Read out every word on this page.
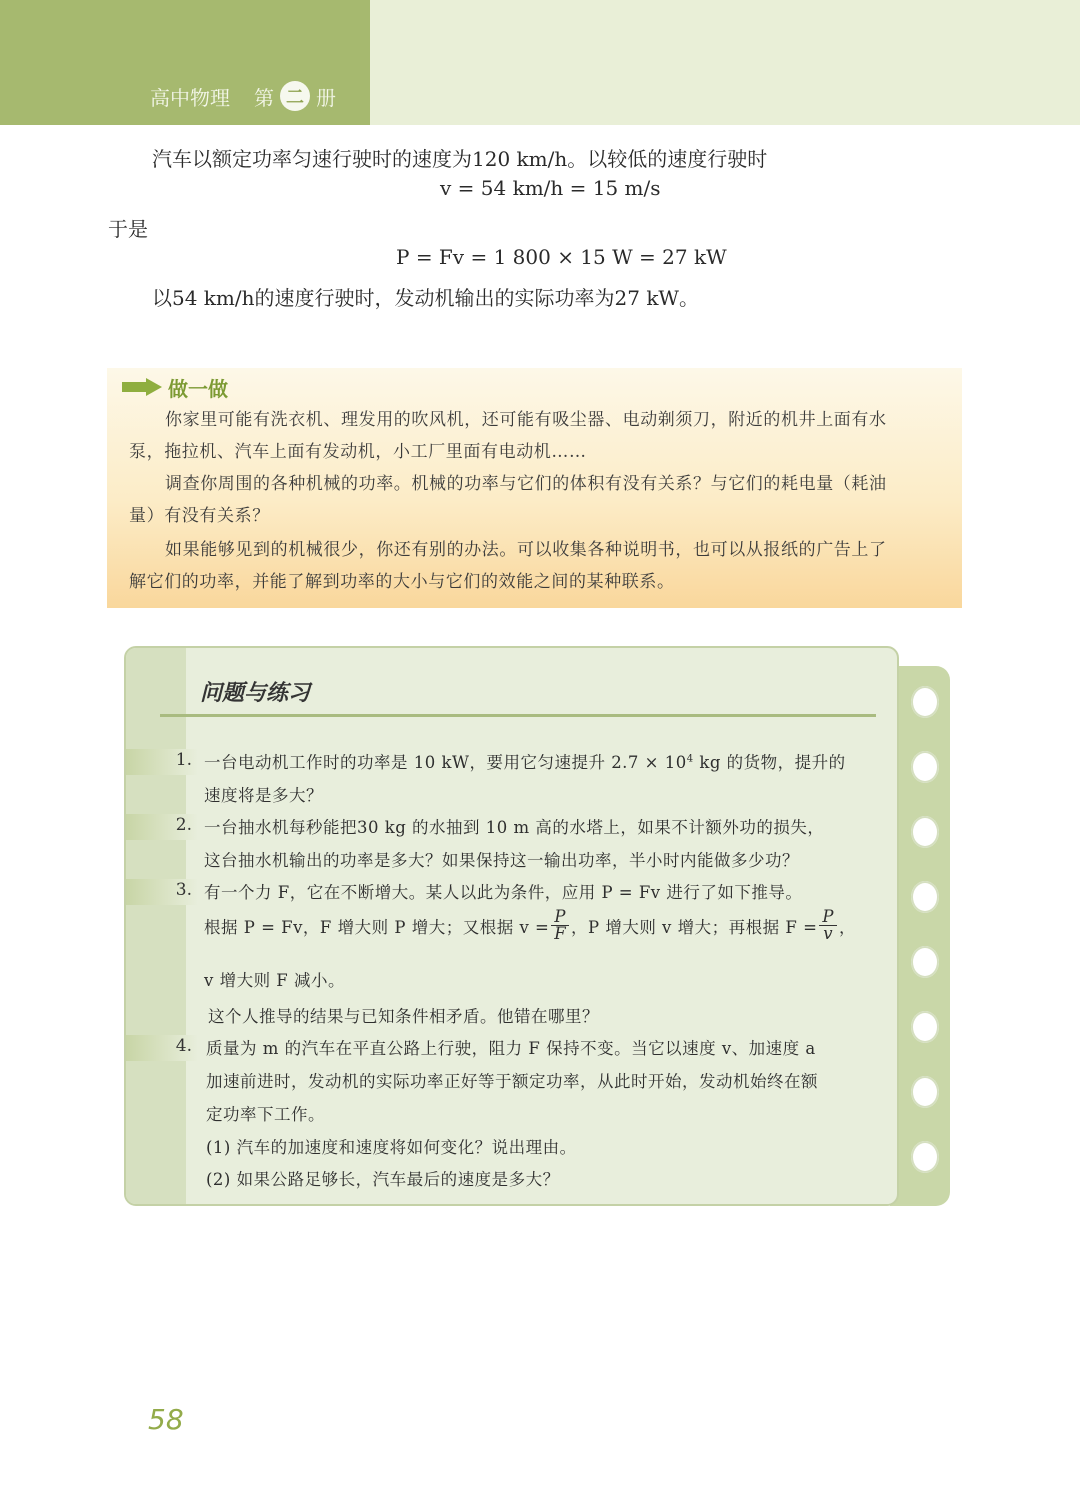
高中物理 第 二 册
汽车以额定功率匀速行驶时的速度为120 km/h。以较低的速度行驶时
v = 54 km/h = 15 m/s
于是
P = Fv = 1 800 × 15 W = 27 kW
以54 km/h的速度行驶时，发动机输出的实际功率为27 kW。
做一做

你家里可能有洗衣机、理发用的吹风机，还可能有吸尘器、电动剃须刀，附近的机井上面有水

泵，拖拉机、汽车上面有发动机，小工厂里面有电动机……

调查你周围的各种机械的功率。机械的功率与它们的体积有没有关系？与它们的耗电量（耗油

量）有没有关系？

如果能够见到的机械很少，你还有别的办法。可以收集各种说明书，也可以从报纸的广告上了

解它们的功率，并能了解到功率的大小与它们的效能之间的某种联系。

问题与练习
1. 一台电动机工作时的功率是 10 kW，要用它匀速提升 $2.7 \times 10^4$ kg 的货物，提升的
速度将是多大？
2. 一台抽水机每秒能把30 kg 的水抽到 10 m 高的水塔上，如果不计额外功的损失，
这台抽水机输出的功率是多大？如果保持这一输出功率，半小时内能做多少功？
3. 有一个力 F，它在不断增大。某人以此为条件，应用 P = Fv 进行了如下推导。
根据 P = Fv，F 增大则 P 增大；又根据 $v = \frac{P}{F}$ ，P 增大则 v 增大；再根据 $F = \frac{P}{v}$ ，
v 增大则 F 减小。
这个人推导的结果与已知条件相矛盾。他错在哪里？
4. 质量为 m 的汽车在平直公路上行驶，阻力 F 保持不变。当它以速度 v、加速度 a
加速前进时，发动机的实际功率正好等于额定功率，从此时开始，发动机始终在额
定功率下工作。
(1) 汽车的加速度和速度将如何变化？说出理由。
(2) 如果公路足够长，汽车最后的速度是多大？
58
